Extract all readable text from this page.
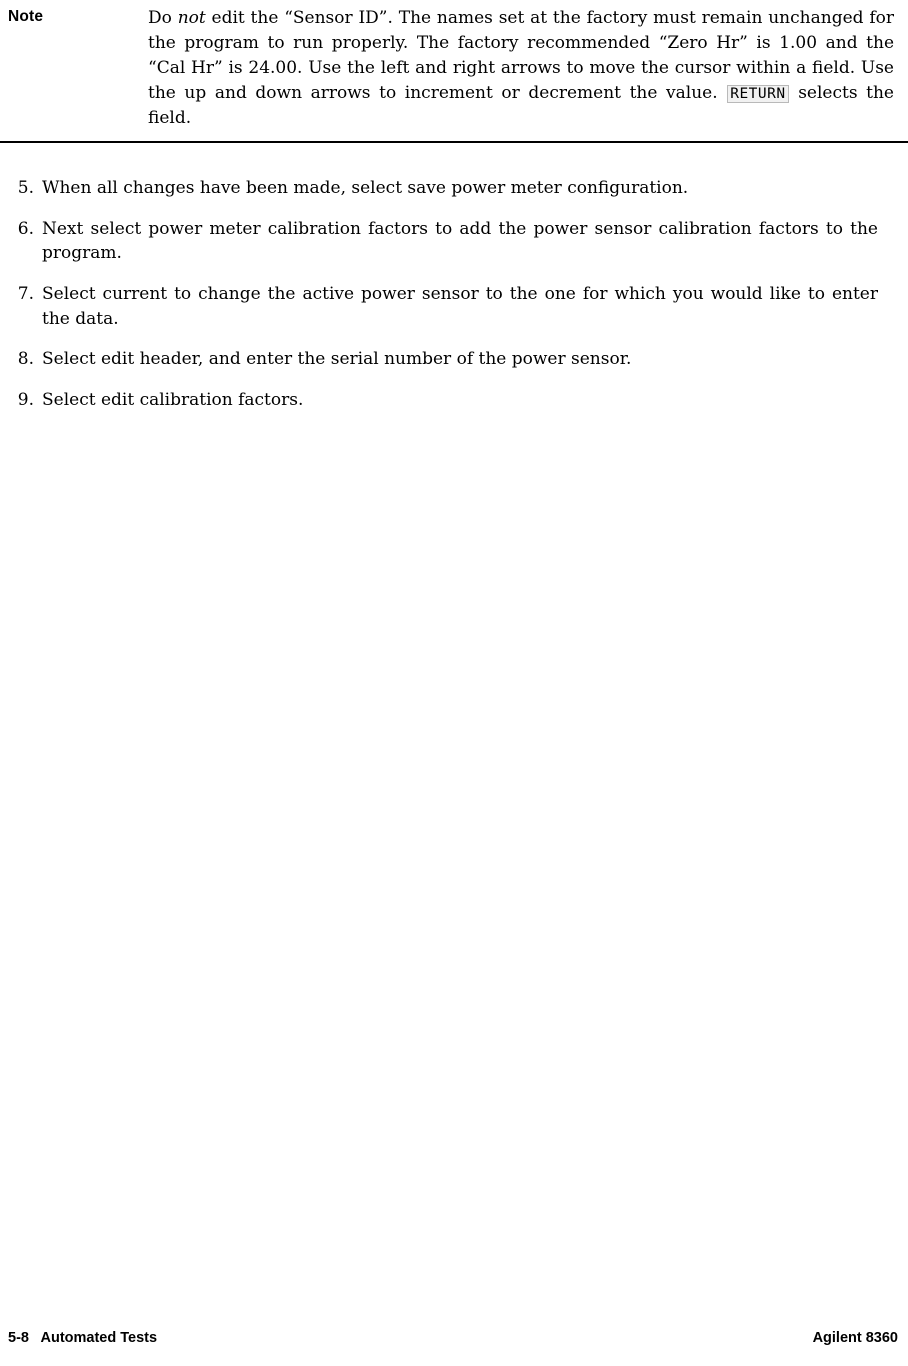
Note	Do not edit the “Sensor ID”. The names set at the factory must remain unchanged for the program to run properly. The factory recommended “Zero Hr” is 1.00 and the “Cal Hr” is 24.00. Use the left and right arrows to move the cursor within a field. Use the up and down arrows to increment or decrement the value. RETURN selects the field.

5. When all changes have been made, select save power meter configuration.
6. Next select power meter calibration factors to add the power sensor calibration factors to the program.
7. Select current to change the active power sensor to the one for which you would like to enter the data.
8. Select edit header, and enter the serial number of the power sensor.
9. Select edit calibration factors.
5-8   Automated Tests	Agilent 8360
